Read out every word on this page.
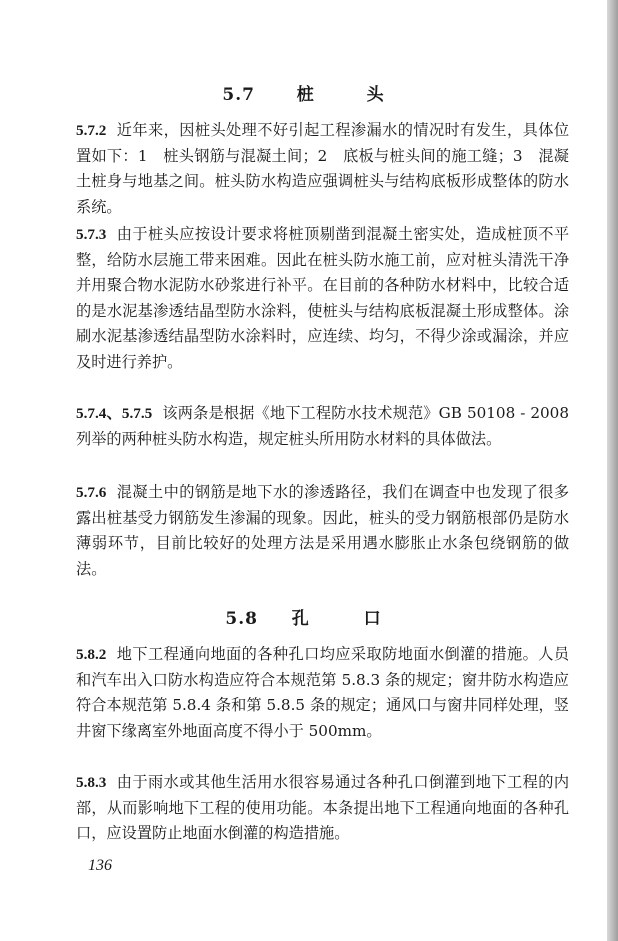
5.7 桩	头
5.7.2 近年来，因桩头处理不好引起工程渗漏水的情况时有发生，具体位置如下：1　桩头钢筋与混凝土间；2　底板与桩头间的施工缝；3　混凝土桩身与地基之间。桩头防水构造应强调桩头与结构底板形成整体的防水系统。
5.7.3 由于桩头应按设计要求将桩顶剔凿到混凝土密实处，造成桩顶不平整，给防水层施工带来困难。因此在桩头防水施工前，应对桩头清洗干净并用聚合物水泥防水砂浆进行补平。在目前的各种防水材料中，比较合适的是水泥基渗透结晶型防水涂料，使桩头与结构底板混凝土形成整体。涂刷水泥基渗透结晶型防水涂料时，应连续、均匀，不得少涂或漏涂，并应及时进行养护。
5.7.4、5.7.5 该两条是根据《地下工程防水技术规范》GB 50108 - 2008 列举的两种桩头防水构造，规定桩头所用防水材料的具体做法。
5.7.6 混凝土中的钢筋是地下水的渗透路径，我们在调查中也发现了很多露出桩基受力钢筋发生渗漏的现象。因此，桩头的受力钢筋根部仍是防水薄弱环节，目前比较好的处理方法是采用遇水膨胀止水条包绕钢筋的做法。
5.8 孔	口
5.8.2 地下工程通向地面的各种孔口均应采取防地面水倒灌的措施。人员和汽车出入口防水构造应符合本规范第 5.8.3 条的规定；窗井防水构造应符合本规范第 5.8.4 条和第 5.8.5 条的规定；通风口与窗井同样处理，竖井窗下缘离室外地面高度不得小于 500mm。
5.8.3 由于雨水或其他生活用水很容易通过各种孔口倒灌到地下工程的内部，从而影响地下工程的使用功能。本条提出地下工程通向地面的各种孔口，应设置防止地面水倒灌的构造措施。
136
